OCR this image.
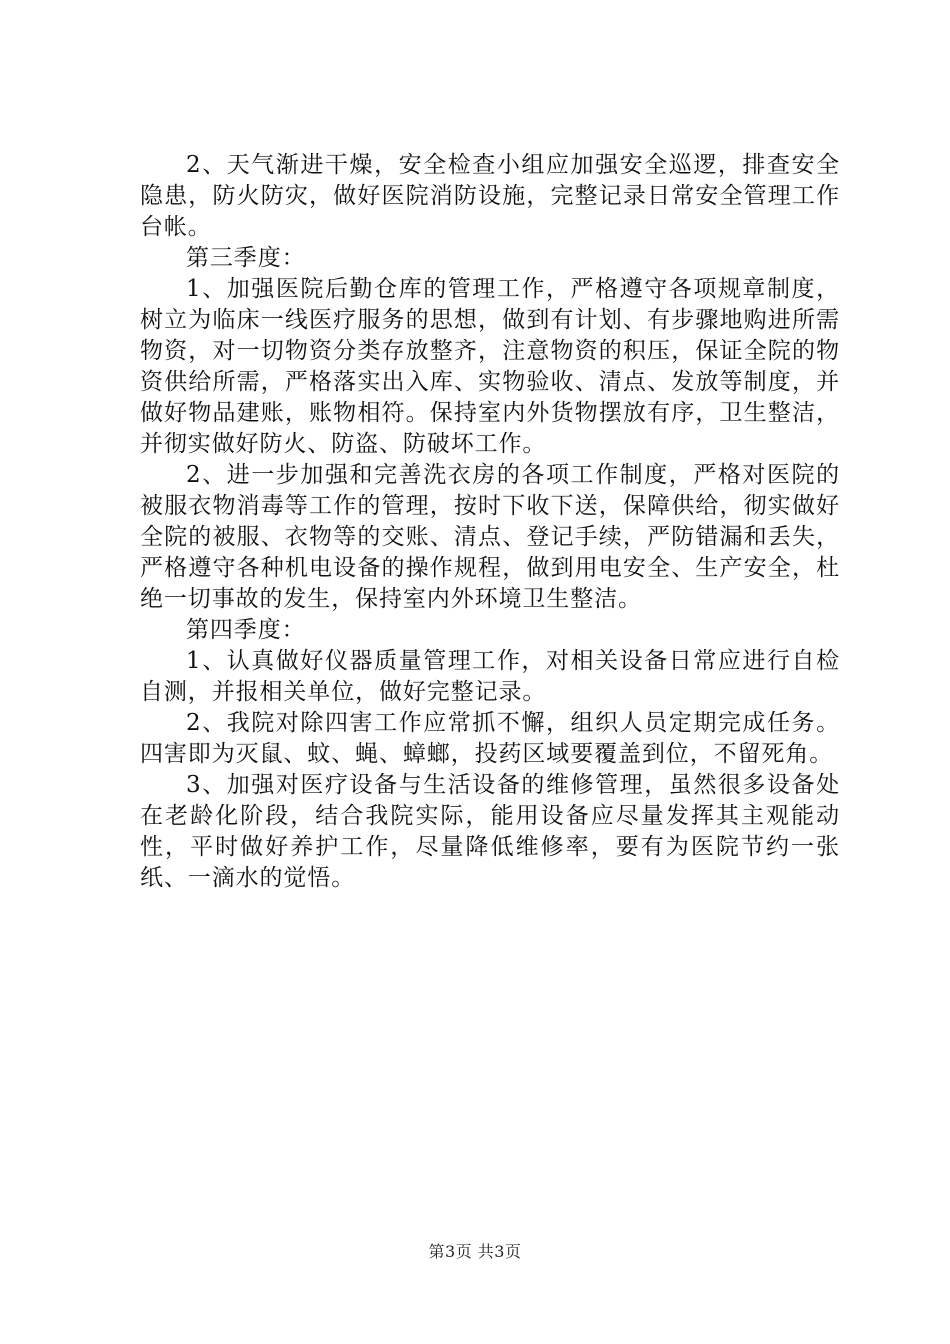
2、天气渐进干燥，安全检查小组应加强安全巡逻，排查安全隐患，防火防灾，做好医院消防设施，完整记录日常安全管理工作台帐。

第三季度：

1、加强医院后勤仓库的管理工作，严格遵守各项规章制度，树立为临床一线医疗服务的思想，做到有计划、有步骤地购进所需物资，对一切物资分类存放整齐，注意物资的积压，保证全院的物资供给所需，严格落实出入库、实物验收、清点、发放等制度，并做好物品建账，账物相符。保持室内外货物摆放有序，卫生整洁，并彻实做好防火、防盗、防破坏工作。

2、进一步加强和完善洗衣房的各项工作制度，严格对医院的被服衣物消毒等工作的管理，按时下收下送，保障供给，彻实做好全院的被服、衣物等的交账、清点、登记手续，严防错漏和丢失，严格遵守各种机电设备的操作规程，做到用电安全、生产安全，杜绝一切事故的发生，保持室内外环境卫生整洁。

第四季度：

1、认真做好仪器质量管理工作，对相关设备日常应进行自检自测，并报相关单位，做好完整记录。

2、我院对除四害工作应常抓不懈，组织人员定期完成任务。四害即为灭鼠、蚊、蝇、蟑螂，投药区域要覆盖到位，不留死角。

3、加强对医疗设备与生活设备的维修管理，虽然很多设备处在老龄化阶段，结合我院实际，能用设备应尽量发挥其主观能动性，平时做好养护工作，尽量降低维修率，要有为医院节约一张纸、一滴水的觉悟。

第3页 共3页
